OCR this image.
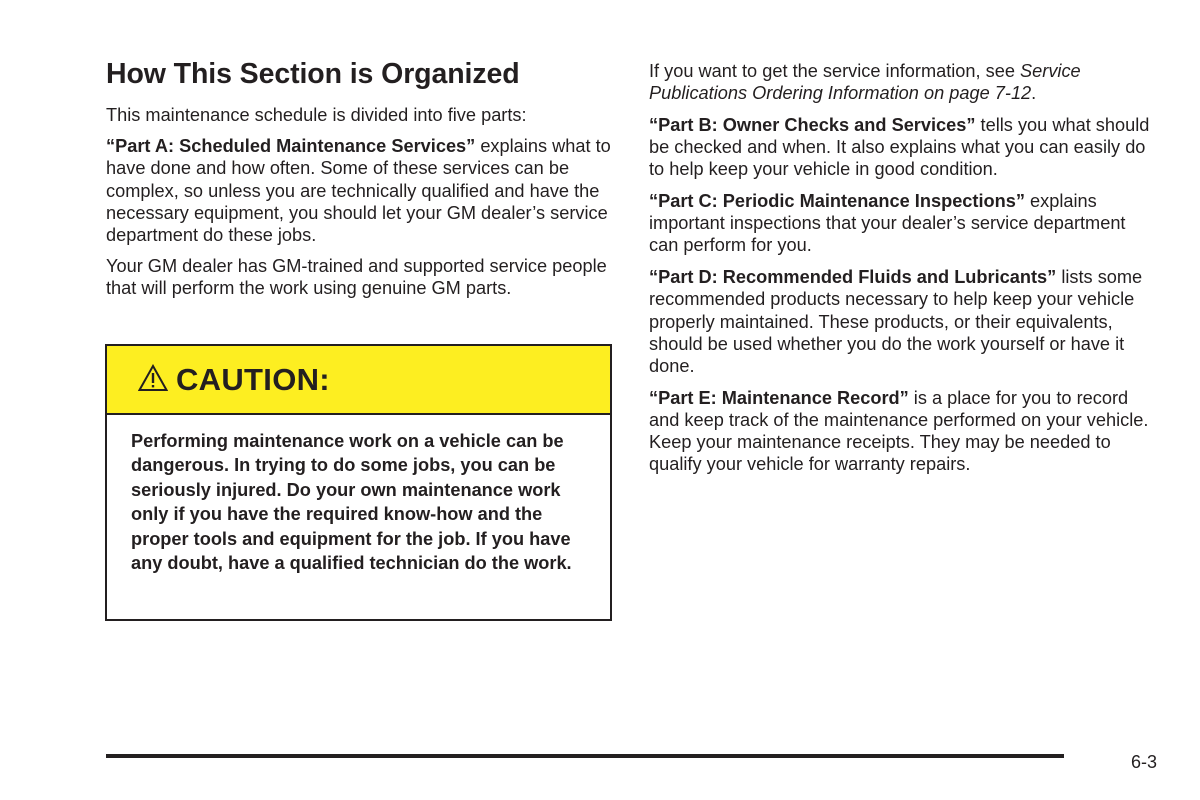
How This Section is Organized

This maintenance schedule is divided into five parts:

“Part A: Scheduled Maintenance Services” explains what to have done and how often. Some of these services can be complex, so unless you are technically qualified and have the necessary equipment, you should let your GM dealer’s service department do these jobs.

Your GM dealer has GM-trained and supported service people that will perform the work using genuine GM parts.

CAUTION:
Performing maintenance work on a vehicle can be dangerous. In trying to do some jobs, you can be seriously injured. Do your own maintenance work only if you have the required know-how and the proper tools and equipment for the job. If you have any doubt, have a qualified technician do the work.

If you want to get the service information, see Service Publications Ordering Information on page 7-12.

“Part B: Owner Checks and Services” tells you what should be checked and when. It also explains what you can easily do to help keep your vehicle in good condition.

“Part C: Periodic Maintenance Inspections” explains important inspections that your dealer’s service department can perform for you.

“Part D: Recommended Fluids and Lubricants” lists some recommended products necessary to help keep your vehicle properly maintained. These products, or their equivalents, should be used whether you do the work yourself or have it done.

“Part E: Maintenance Record” is a place for you to record and keep track of the maintenance performed on your vehicle. Keep your maintenance receipts. They may be needed to qualify your vehicle for warranty repairs.

6-3
